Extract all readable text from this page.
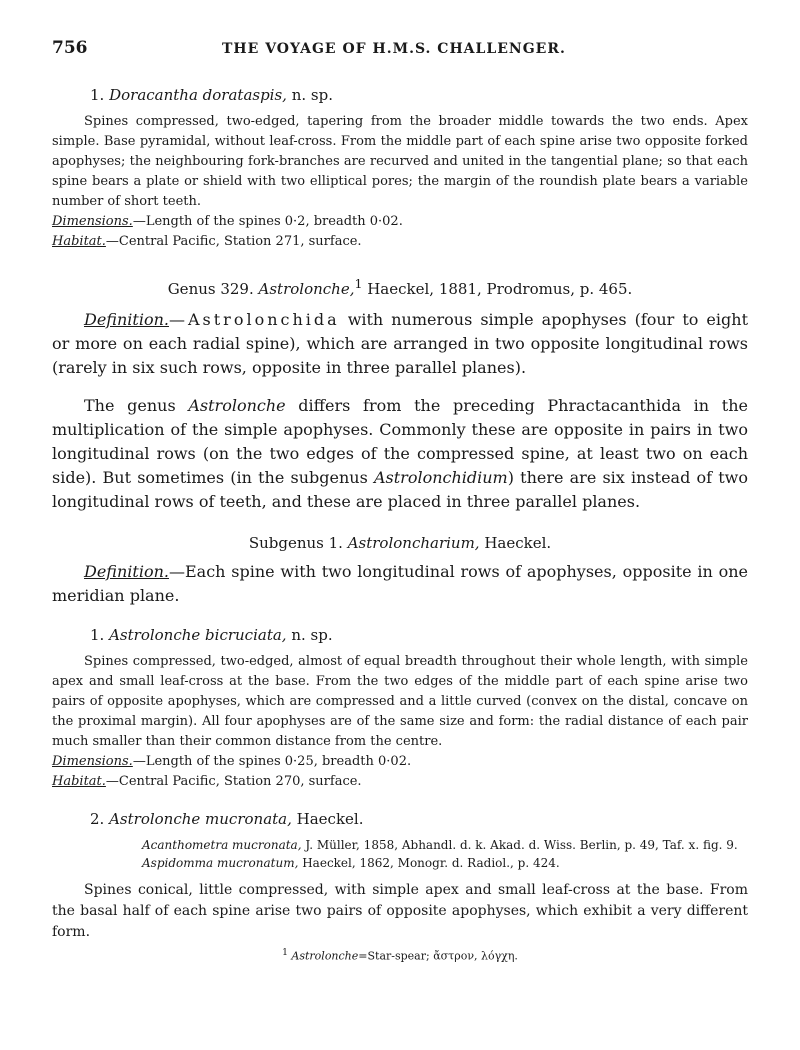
756	THE VOYAGE OF H.M.S. CHALLENGER.
1. Doracantha dorataspis, n. sp.

Spines compressed, two-edged, tapering from the broader middle towards the two ends. Apex simple. Base pyramidal, without leaf-cross. From the middle part of each spine arise two opposite forked apophyses; the neighbouring fork-branches are recurved and united in the tangential plane; so that each spine bears a plate or shield with two elliptical pores; the margin of the roundish plate bears a variable number of short teeth.

Dimensions.—Length of the spines 0·2, breadth 0·02.

Habitat.—Central Pacific, Station 271, surface.

Genus 329. Astrolonche,$^1$ Haeckel, 1881, Prodromus, p. 465.

Definition.—Astrolonchida with numerous simple apophyses (four to eight or more on each radial spine), which are arranged in two opposite longitudinal rows (rarely in six such rows, opposite in three parallel planes).

The genus Astrolonche differs from the preceding Phractacanthida in the multiplication of the simple apophyses. Commonly these are opposite in pairs in two longitudinal rows (on the two edges of the compressed spine, at least two on each side). But sometimes (in the subgenus Astrolonchidium) there are six instead of two longitudinal rows of teeth, and these are placed in three parallel planes.

Subgenus 1. Astroloncharium, Haeckel.

Definition.—Each spine with two longitudinal rows of apophyses, opposite in one meridian plane.

1. Astrolonche bicruciata, n. sp.

Spines compressed, two-edged, almost of equal breadth throughout their whole length, with simple apex and small leaf-cross at the base. From the two edges of the middle part of each spine arise two pairs of opposite apophyses, which are compressed and a little curved (convex on the distal, concave on the proximal margin). All four apophyses are of the same size and form: the radial distance of each pair much smaller than their common distance from the centre.

Dimensions.—Length of the spines 0·25, breadth 0·02.

Habitat.—Central Pacific, Station 270, surface.

2. Astrolonche mucronata, Haeckel.
Acanthometra mucronata, J. Müller, 1858, Abhandl. d. k. Akad. d. Wiss. Berlin, p. 49, Taf. x. fig. 9.
Aspidomma mucronatum, Haeckel, 1862, Monogr. d. Radiol., p. 424.

Spines conical, little compressed, with simple apex and small leaf-cross at the base. From the basal half of each spine arise two pairs of opposite apophyses, which exhibit a very different form.

$^1$ Astrolonche=Star-spear; ἄστρον, λόγχη.
